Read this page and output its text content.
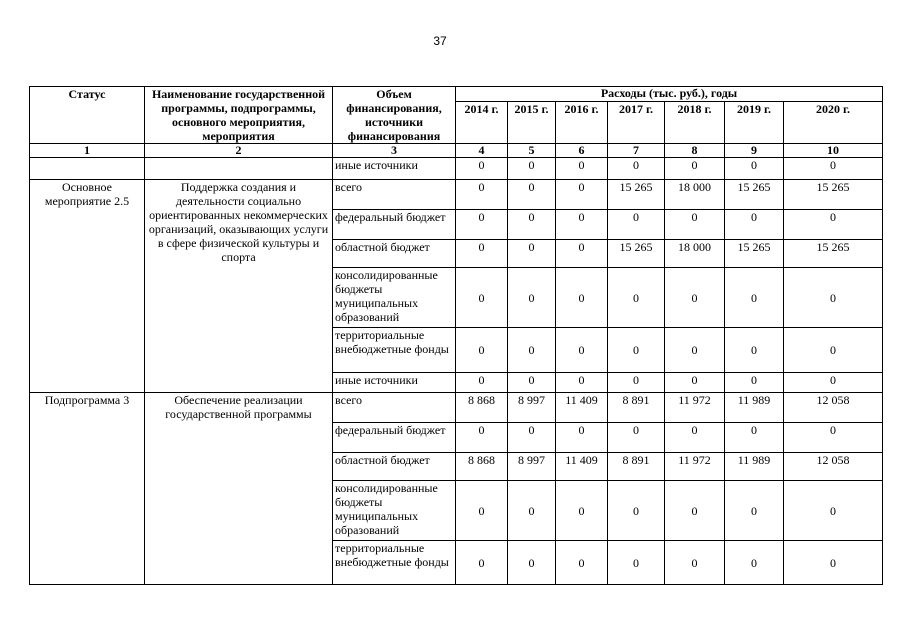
37
Статус	Наименование государственной программы, подпрограммы, основного мероприятия, мероприятия	Объем финансирования, источники финансирования	Расходы (тыс. руб.), годы						
			2014 г.	2015 г.	2016 г.	2017 г.	2018 г.	2019 г.	2020 г.
1	2	3	4	5	6	7	8	9	10
		иные источники	0	0	0	0	0	0	0
Основное мероприятие 2.5	Поддержка создания и деятельности социально ориентированных некоммерческих организаций, оказывающих услуги в сфере физической культуры и спорта	всего	0	0	0	15 265	18 000	15 265	15 265
		федеральный бюджет	0	0	0	0	0	0	0
		областной бюджет	0	0	0	15 265	18 000	15 265	15 265
		консолидированные бюджеты муниципальных образований	0	0	0	0	0	0	0
		территориальные внебюджетные фонды	0	0	0	0	0	0	0
		иные источники	0	0	0	0	0	0	0
Подпрограмма 3	Обеспечение реализации государственной программы	всего	8 868	8 997	11 409	8 891	11 972	11 989	12 058
		федеральный бюджет	0	0	0	0	0	0	0
		областной бюджет	8 868	8 997	11 409	8 891	11 972	11 989	12 058
		консолидированные бюджеты муниципальных образований	0	0	0	0	0	0	0
		территориальные внебюджетные фонды	0	0	0	0	0	0	0
